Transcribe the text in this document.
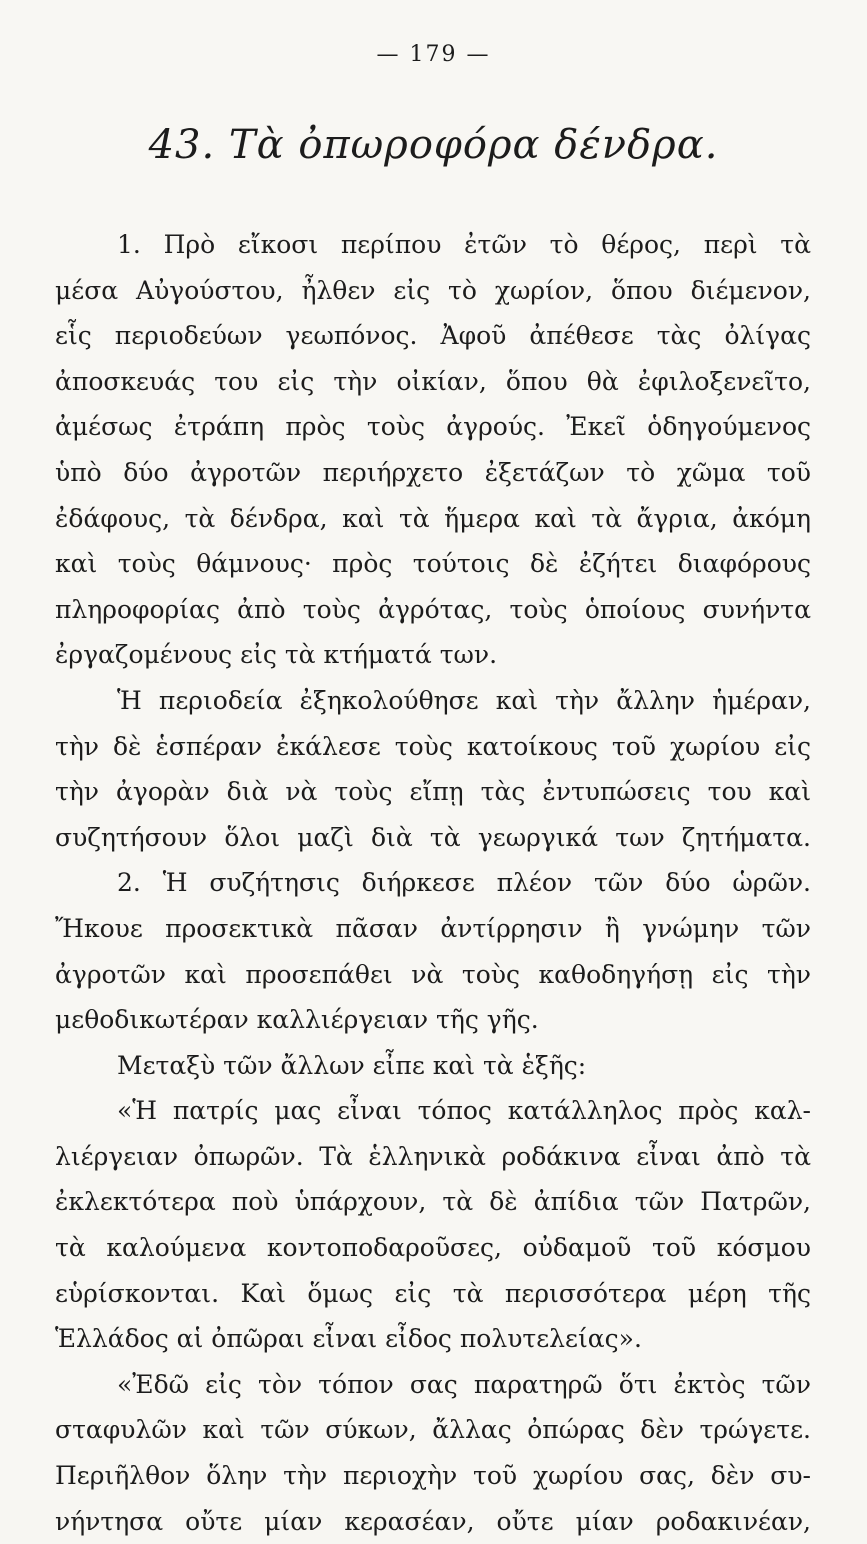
— 179 —
43. Τὰ ὀπωροφόρα δένδρα.
1. Πρὸ εἴκοσι περίπου ἐτῶν τὸ θέρος, περὶ τὰ
μέσα Αὐγούστου, ἦλθεν εἰς τὸ χωρίον, ὅπου διέμενον,
εἷς περιοδεύων γεωπόνος. Ἀφοῦ ἀπέθεσε τὰς ὀλίγας
ἀποσκευάς του εἰς τὴν οἰκίαν, ὅπου θὰ ἐφιλοξενεῖτο,
ἀμέσως ἐτράπη πρὸς τοὺς ἀγρούς. Ἐκεῖ ὁδηγούμενος
ὑπὸ δύο ἀγροτῶν περιήρχετο ἐξετάζων τὸ χῶμα τοῦ
ἐδάφους, τὰ δένδρα, καὶ τὰ ἥμερα καὶ τὰ ἄγρια, ἀκόμη
καὶ τοὺς θάμνους· πρὸς τούτοις δὲ ἐζήτει διαφόρους
πληροφορίας ἀπὸ τοὺς ἀγρότας, τοὺς ὁποίους συνήντα
ἐργαζομένους εἰς τὰ κτήματά των.
Ἡ περιοδεία ἐξηκολούθησε καὶ τὴν ἄλλην ἡμέραν,
τὴν δὲ ἑσπέραν ἐκάλεσε τοὺς κατοίκους τοῦ χωρίου εἰς
τὴν ἀγορὰν διὰ νὰ τοὺς εἴπῃ τὰς ἐντυπώσεις του καὶ
συζητήσουν ὅλοι μαζὶ διὰ τὰ γεωργικά των ζητήματα.
2. Ἡ συζήτησις διήρκεσε πλέον τῶν δύο ὡρῶν.
Ἤκουε προσεκτικὰ πᾶσαν ἀντίρρησιν ἢ γνώμην τῶν
ἀγροτῶν καὶ προσεπάθει νὰ τοὺς καθοδηγήσῃ εἰς τὴν
μεθοδικωτέραν καλλιέργειαν τῆς γῆς.
Μεταξὺ τῶν ἄλλων εἶπε καὶ τὰ ἑξῆς:
«Ἡ πατρίς μας εἶναι τόπος κατάλληλος πρὸς καλ-
λιέργειαν ὀπωρῶν. Τὰ ἑλληνικὰ ροδάκινα εἶναι ἀπὸ τὰ
ἐκλεκτότερα ποὺ ὑπάρχουν, τὰ δὲ ἀπίδια τῶν Πατρῶν,
τὰ καλούμενα κοντοποδαροῦσες, οὐδαμοῦ τοῦ κόσμου
εὑρίσκονται. Καὶ ὅμως εἰς τὰ περισσότερα μέρη τῆς
Ἑλλάδος αἱ ὀπῶραι εἶναι εἶδος πολυτελείας».
«Ἐδῶ εἰς τὸν τόπον σας παρατηρῶ ὅτι ἐκτὸς τῶν
σταφυλῶν καὶ τῶν σύκων, ἄλλας ὀπώρας δὲν τρώγετε.
Περιῆλθον ὅλην τὴν περιοχὴν τοῦ χωρίου σας, δὲν συ-
νήντησα οὔτε μίαν κερασέαν, οὔτε μίαν ροδακινέαν,
